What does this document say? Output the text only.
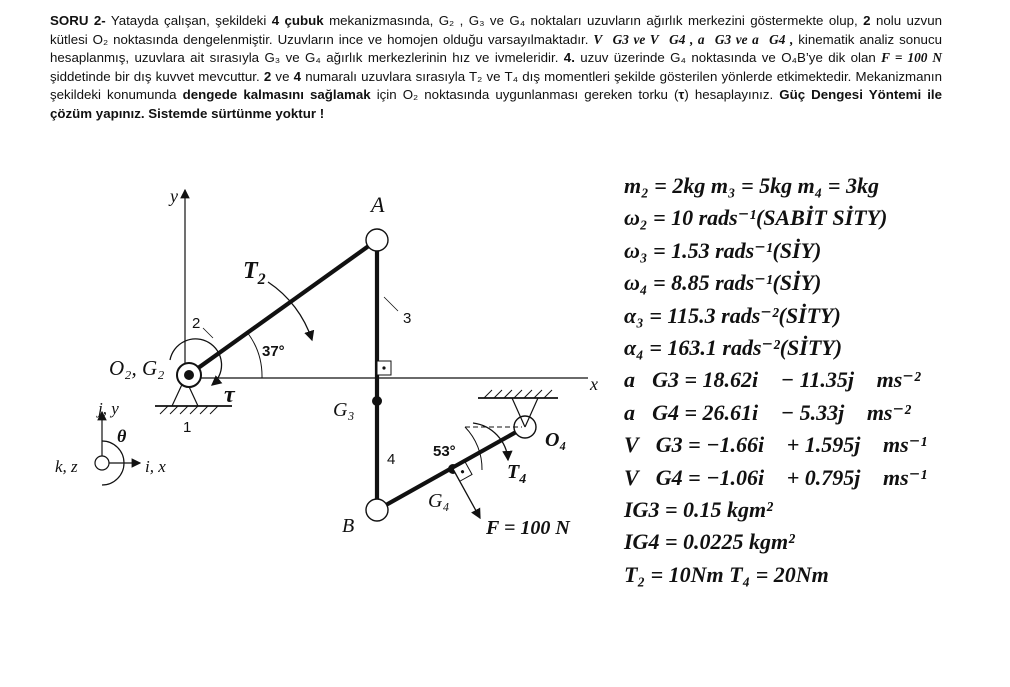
SORU 2- Yatayda çalışan, şekildeki 4 çubuk mekanizmasında, G₂ , G₃ ve G₄ noktaları uzuvların ağırlık merkezini göstermekte olup, 2 nolu uzvun kütlesi O₂ noktasında dengelenmiştir. Uzuvların ince ve homojen olduğu varsayılmaktadır. V⃗G3 ve V⃗G4 , a⃗G3 ve a⃗G4 , kinematik analiz sonucu hesaplanmış, uzuvlara ait sırasıyla G₃ ve G₄ ağırlık merkezlerinin hız ve ivmeleridir. 4. uzuv üzerinde G₄ noktasında ve O₄B’ye dik olan F = 100 N şiddetinde bir dış kuvvet mevcuttur. 2 ve 4 numaralı uzuvlara sırasıyla T₂ ve T₄ dış momentleri şekilde gösterilen yönlerde etkimektedir. Mekanizmanın şekildeki konumunda dengede kalmasını sağlamak için O₂ noktasında uygunlanması gereken torku (τ) hesaplayınız. Güç Dengesi Yöntemi ile çözüm yapınız. Sistemde sürtünme yoktur !
y
x
A
B
$T_2$
$T_4$
O₂, G₂
G₃
G₄
O₄
1
2	3
4
37°
53°
τ
F = 100 N
j, y
θ
k, z	i, x
m₂ = 2kg m₃ = 5kg m₄ = 3kg
ω₂ = 10 rads⁻¹(SABİT SİTY)
ω₃ = 1.53 rads⁻¹(SİY)
ω₄ = 8.85 rads⁻¹(SİY)
α₃ = 115.3 rads⁻²(SİTY)
α₄ = 163.1 rads⁻²(SİTY)
a⃗G3 = 18.62i⃗ − 11.35j⃗ ms⁻²
a⃗G4 = 26.61i⃗ − 5.33j⃗ ms⁻²
V⃗G3 = −1.66i⃗ + 1.595j⃗ ms⁻¹
V⃗G4 = −1.06i⃗ + 0.795j⃗ ms⁻¹
IG3 = 0.15 kgm²
IG4 = 0.0225 kgm²
T₂ = 10Nm T₄ = 20Nm
